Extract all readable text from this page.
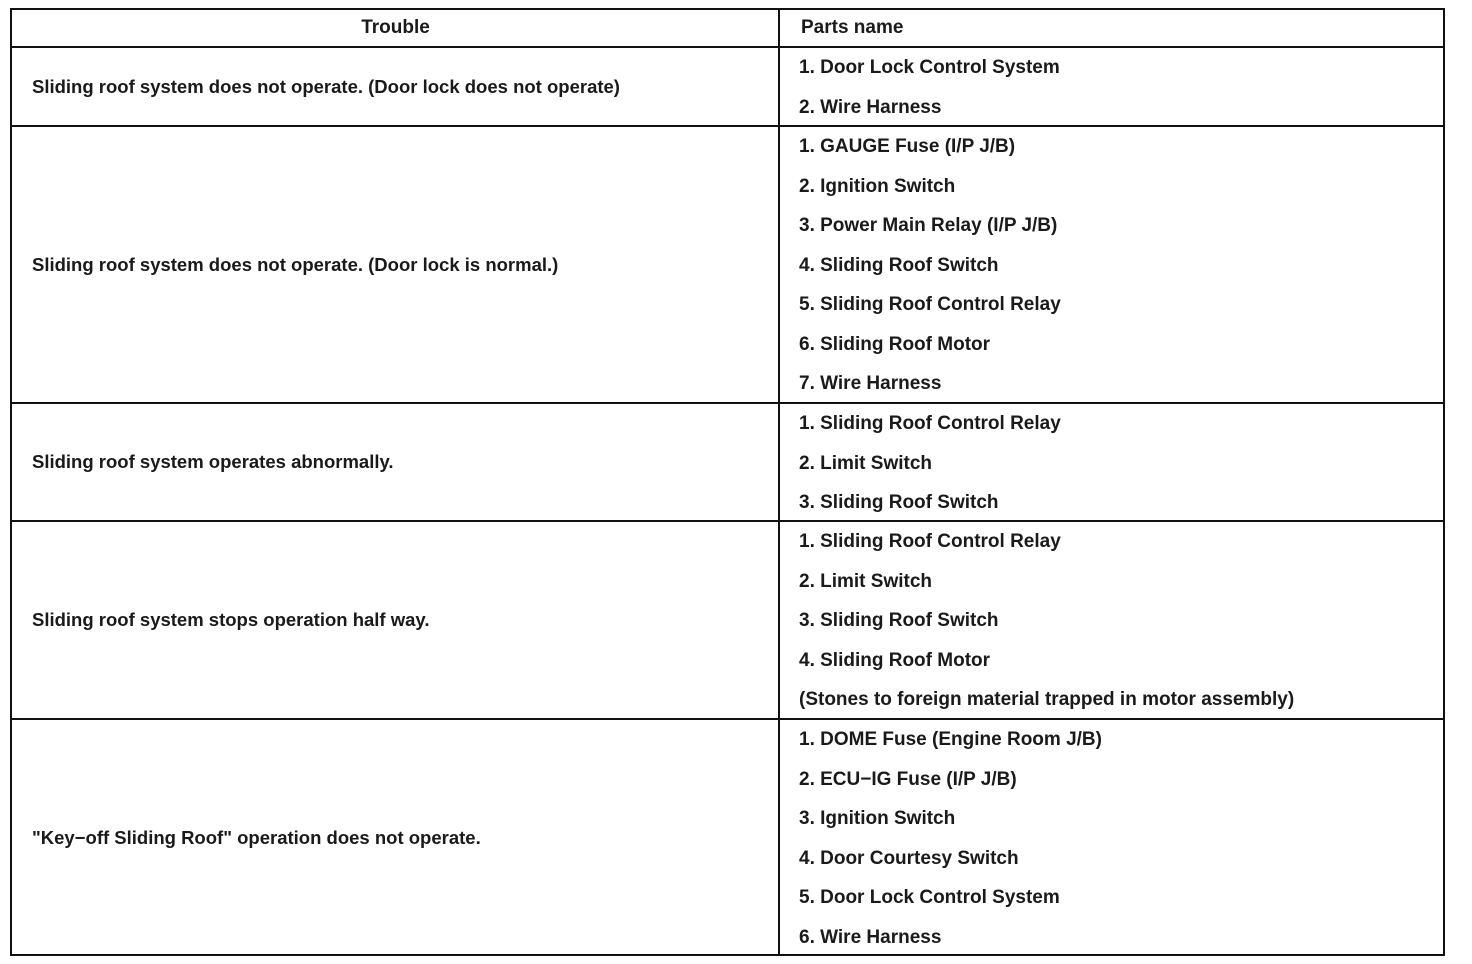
Trouble	Parts name
Sliding roof system does not operate. (Door lock does not operate)
1. Door Lock Control System
2. Wire Harness
Sliding roof system does not operate. (Door lock is normal.)
1. GAUGE Fuse (I/P J/B)
2. Ignition Switch
3. Power Main Relay (I/P J/B)
4. Sliding Roof Switch
5. Sliding Roof Control Relay
6. Sliding Roof Motor
7. Wire Harness
Sliding roof system operates abnormally.
1. Sliding Roof Control Relay
2. Limit Switch
3. Sliding Roof Switch
Sliding roof system stops operation half way.
1. Sliding Roof Control Relay
2. Limit Switch
3. Sliding Roof Switch
4. Sliding Roof Motor
(Stones to foreign material trapped in motor assembly)
"Key−off Sliding Roof" operation does not operate.
1. DOME Fuse (Engine Room J/B)
2. ECU−IG Fuse (I/P J/B)
3. Ignition Switch
4. Door Courtesy Switch
5. Door Lock Control System
6. Wire Harness
